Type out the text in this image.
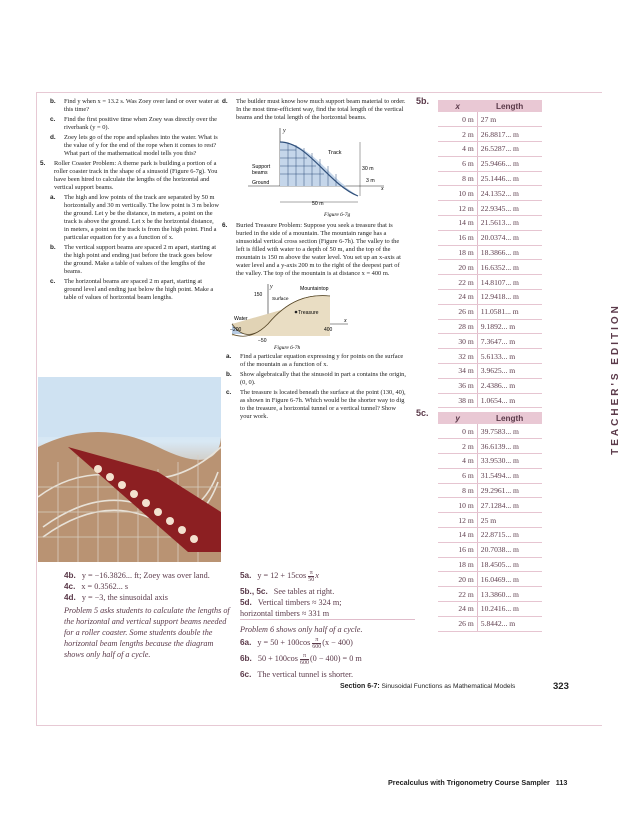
b. Find y when x = 13.2 s. Was Zoey over land or over water at this time?

c. Find the first positive time when Zoey was directly over the riverbank (y = 0).

d. Zoey lets go of the rope and splashes into the water. What is the value of y for the end of the rope when it comes to rest? What part of the mathematical model tells you this?

5. Roller Coaster Problem: A theme park is building a portion of a roller coaster track in the shape of a sinusoid (Figure 6-7g). You have been hired to calculate the lengths of the horizontal and vertical support beams.

a. The high and low points of the track are separated by 50 m horizontally and 30 m vertically. The low point is 3 m below the ground. Let y be the distance, in meters, a point on the track is above the ground. Let x be the horizontal distance, in meters, a point on the track is from the high point. Find a particular equation for y as a function of x.

b. The vertical support beams are spaced 2 m apart, starting at the high point and ending just before the track goes below the ground. Make a table of values of the lengths of the beams.

c. The horizontal beams are spaced 2 m apart, starting at ground level and ending just below the high point. Make a table of values of horizontal beam lengths.

d. The builder must know how much support beam material to order. In the most time-efficient way, find the total length of the vertical beams and the total length of the horizontal beams.

y
Track
Support
beams
Ground
30 m
3 m
x
50 m
Figure 6-7g
6. Buried Treasure Problem: Suppose you seek a treasure that is buried in the side of a mountain. The mountain range has a sinusoidal vertical cross section (Figure 6-7h). The valley to the left is filled with water to a depth of 50 m, and the top of the mountain is 150 m above the water level. You set up an x-axis at water level and a y-axis 200 m to the right of the deepest part of the valley. The top of the mountain is at distance x = 400 m.

y
150
Mountaintop
Surface
Water
Treasure
x
−200	400
−50
Figure 6-7h
a. Find a particular equation expressing y for points on the surface of the mountain as a function of x.

b. Show algebraically that the sinusoid in part a contains the origin, (0, 0).

c. The treasure is located beneath the surface at the point (130, 40), as shown in Figure 6-7h. Which would be the shorter way to dig to the treasure, a horizontal tunnel or a vertical tunnel? Show your work.

4b. y = −16.3826... ft; Zoey was over land.
4c. x = 0.3562... s
4d. y = −3, the sinusoidal axis

Problem 5 asks students to calculate the lengths of the horizontal and vertical support beams needed for a roller coaster. Some students double the horizontal beam lengths because the diagram shows only half of a cycle.

5a. $y = 12 + 15\cos \frac{\pi}{50}$ x
5b., 5c. See tables at right.
5d. Vertical timbers ≈ 324 m;
horizontal timbers ≈ 331 m

Problem 6 shows only half of a cycle.

6a. $y = 50 + 100\cos \frac{\pi}{600} (x - 400)$
6b. $50 + 100\cos \frac{\pi}{600} (0 - 400) = 0$ m
6c. The vertical tunnel is shorter.
5b.	x	Length
0 m	27 m
2 m	26.8817... m
4 m	26.5287... m
6 m	25.9466... m
8 m	25.1446... m
10 m	24.1352... m
12 m	22.9345... m
14 m	21.5613... m
16 m	20.0374... m
18 m	18.3866... m
20 m	16.6352... m
22 m	14.8107... m
24 m	12.9418... m
26 m	11.0581... m
28 m	9.1892... m
30 m	7.3647... m
32 m	5.6133... m
34 m	3.9625... m
36 m	2.4386... m
38 m	1.0654... m
5c.	y	Length
0 m	39.7583... m
2 m	36.6139... m
4 m	33.9530... m
6 m	31.5494... m
8 m	29.2961... m
10 m	27.1284... m
12 m	25 m
14 m	22.8715... m
16 m	20.7038... m
18 m	18.4505... m
20 m	16.0469... m
22 m	13.3860... m
24 m	10.2416... m
26 m	5.8442... m
TEACHER'S EDITION
Section 6-7: Sinusoidal Functions as Mathematical Models	323
Precalculus with Trigonometry Course Sampler 113
